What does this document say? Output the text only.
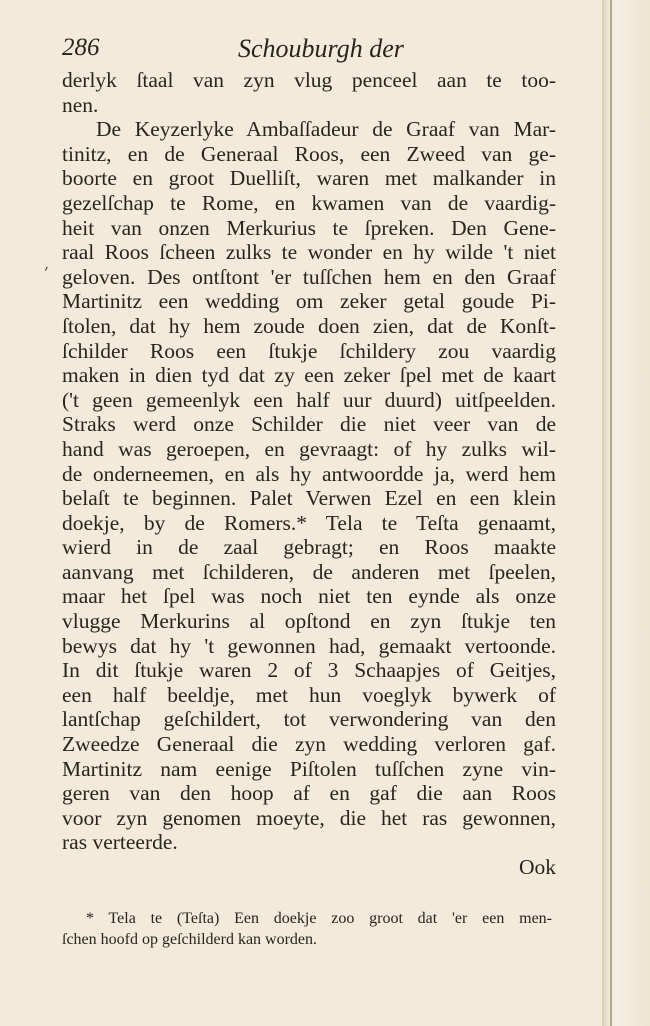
286	Schouburgh der
,
derlyk ſtaal van zyn vlug penceel aan te too-
nen.
De Keyzerlyke Ambaſſadeur de Graaf van Mar-
tinitz, en de Generaal Roos, een Zweed van ge-
boorte en groot Duelliſt, waren met malkander in
gezelſchap te Rome, en kwamen van de vaardig-
heit van onzen Merkurius te ſpreken. Den Gene-
raal Roos ſcheen zulks te wonder en hy wilde 't niet
geloven. Des ontſtont 'er tuſſchen hem en den Graaf
Martinitz een wedding om zeker getal goude Pi-
ſtolen, dat hy hem zoude doen zien, dat de Konſt-
ſchilder Roos een ſtukje ſchildery zou vaardig
maken in dien tyd dat zy een zeker ſpel met de kaart
('t geen gemeenlyk een half uur duurd) uitſpeelden.
Straks werd onze Schilder die niet veer van de
hand was geroepen, en gevraagt: of hy zulks wil-
de onderneemen, en als hy antwoordde ja, werd hem
belaſt te beginnen. Palet Verwen Ezel en een klein
doekje, by de Romers.* Tela te Teſta genaamt,
wierd in de zaal gebragt; en Roos maakte
aanvang met ſchilderen, de anderen met ſpeelen,
maar het ſpel was noch niet ten eynde als onze
vlugge Merkurins al opſtond en zyn ſtukje ten
bewys dat hy 't gewonnen had, gemaakt vertoonde.
In dit ſtukje waren 2 of 3 Schaapjes of Geitjes,
een half beeldje, met hun voeglyk bywerk of
lantſchap geſchildert, tot verwondering van den
Zweedze Generaal die zyn wedding verloren gaf.
Martinitz nam eenige Piſtolen tuſſchen zyne vin-
geren van den hoop af en gaf die aan Roos
voor zyn genomen moeyte, die het ras gewonnen,
ras verteerde.
Ook
* Tela te (Teſta) Een doekje zoo groot dat 'er een men-
ſchen hoofd op geſchilderd kan worden.
